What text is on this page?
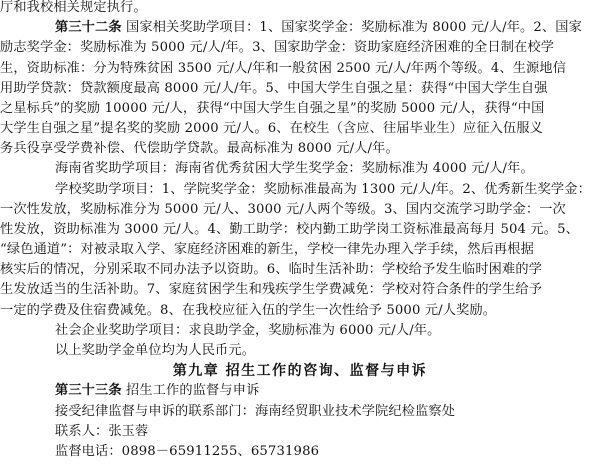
厅和我校相关规定执行。
第三十二条 国家相关奖助学项目：1、国家奖学金：奖励标准为 8000 元/人/年。2、国家
励志奖学金：奖励标准为 5000 元/人/年。3、国家助学金：资助家庭经济困难的全日制在校学
生，资助标准：分为特殊贫困 3500 元/人/年和一般贫困 2500 元/人/年两个等级。4、生源地信
用助学贷款：贷款额度最高 8000 元/人/年。5、中国大学生自强之星：获得“中国大学生自强
之星标兵”的奖励 10000 元/人，获得“中国大学生自强之星”的奖励 5000 元/人，获得“中国
大学生自强之星”提名奖的奖励 2000 元/人。6、在校生（含应、往届毕业生）应征入伍服义
务兵役享受学费补偿、代偿助学贷款。最高标准为 8000 元/人/年。
海南省奖助学项目：海南省优秀贫困大学生奖学金：奖励标准为 4000 元/人/年。
学校奖助学项目：1、学院奖学金：奖励标准最高为 1300 元/人/年。2、优秀新生奖学金：
一次性发放，奖励标准分为 5000 元/人、3000 元/人两个等级。3、国内交流学习助学金：一次
性发放，资助标准为 3000 元/人。4、勤工助学：校内勤工助学岗工资标准最高每月 504 元。5、
“绿色通道”：对被录取入学、家庭经济困难的新生，学校一律先办理入学手续，然后再根据
核实后的情况，分别采取不同办法予以资助。6、临时生活补助：学校给予发生临时困难的学
生发放适当的生活补助。7、家庭贫困学生和残疾学生学费减免：学校对符合条件的学生给予
一定的学费及住宿费减免。8、在我校应征入伍的学生一次性给予 5000 元/人奖励。
社会企业奖助学项目：求良助学金，奖励标准为 6000 元/人/年。
以上奖助学金单位均为人民币元。
第九章 招生工作的咨询、监督与申诉
第三十三条 招生工作的监督与申诉
接受纪律监督与申诉的联系部门：海南经贸职业技术学院纪检监察处
联系人：张玉蓉
监督电话：0898－65911255、65731986
